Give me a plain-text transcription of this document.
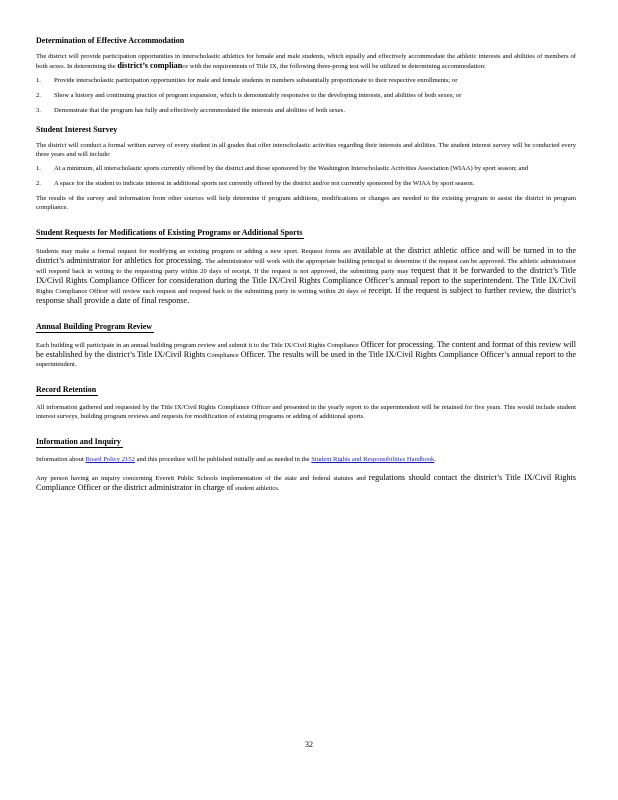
Determination of Effective Accommodation
The district will provide participation opportunities in interscholastic athletics for female and male students, which equally and effectively accommodate the athletic interests and abilities of members of both sexes. In determining the district’s compliance with the requirements of Title IX, the following three-prong test will be utilized in determining accommodation:
1. Provide interscholastic participation opportunities for male and female students in numbers substantially proportionate to their respective enrollments; or
2. Show a history and continuing practice of program expansion, which is demonstrably responsive to the developing interests, and abilities of both sexes; or
3. Demonstrate that the program has fully and effectively accommodated the interests and abilities of both sexes.
Student Interest Survey
The district will conduct a formal written survey of every student in all grades that offer interscholastic activities regarding their interests and abilities. The student interest survey will be conducted every three years and will include:
1. At a minimum, all interscholastic sports currently offered by the district and those sponsored by the Washington Interscholastic Activities Association (WIAA) by sport season; and
2. A space for the student to indicate interest in additional sports not currently offered by the district and/or not currently sponsored by the WIAA by sport season.
The results of the survey and information from other sources will help determine if program additions, modifications or changes are needed to the existing program to assist the district in program compliance.
Student Requests for Modifications of Existing Programs or Additional Sports
Students may make a formal request for modifying an existing program or adding a new sport. Request forms are available at the district athletic office and will be turned in to the district’s administrator for athletics for processing. The administrator will work with the appropriate building principal to determine if the request can be approved. The athletic administrator will respond back in writing to the requesting party within 20 days of receipt. If the request is not approved, the submitting party may request that it be forwarded to the district’s Title IX/Civil Rights Compliance Officer for consideration during the Title IX/Civil Rights Compliance Officer’s annual report to the superintendent. The Title IX/Civil Rights Compliance Officer will review each request and respond back to the submitting party in writing within 20 days of receipt. If the request is subject to further review, the district’s response shall provide a date of final response.
Annual Building Program Review
Each building will participate in an annual building program review and submit it to the Title IX/Civil Rights Compliance Officer for processing. The content and format of this review will be established by the district’s Title IX/Civil Rights Compliance Officer. The results will be used in the Title IX/Civil Rights Compliance Officer’s annual report to the superintendent.
Record Retention
All information gathered and requested by the Title IX/Civil Rights Compliance Officer and presented in the yearly report to the superintendent will be retained for five years. This would include student interest surveys, building program reviews and requests for modification of existing programs or adding of additional sports.
Information and Inquiry
Information about Board Policy 2152 and this procedure will be published initially and as needed in the Student Rights and Responsibilities Handbook.
Any person having an inquiry concerning Everett Public Schools implementation of the state and federal statutes and regulations should contact the district’s Title IX/Civil Rights Compliance Officer or the district administrator in charge of student athletics.
32
